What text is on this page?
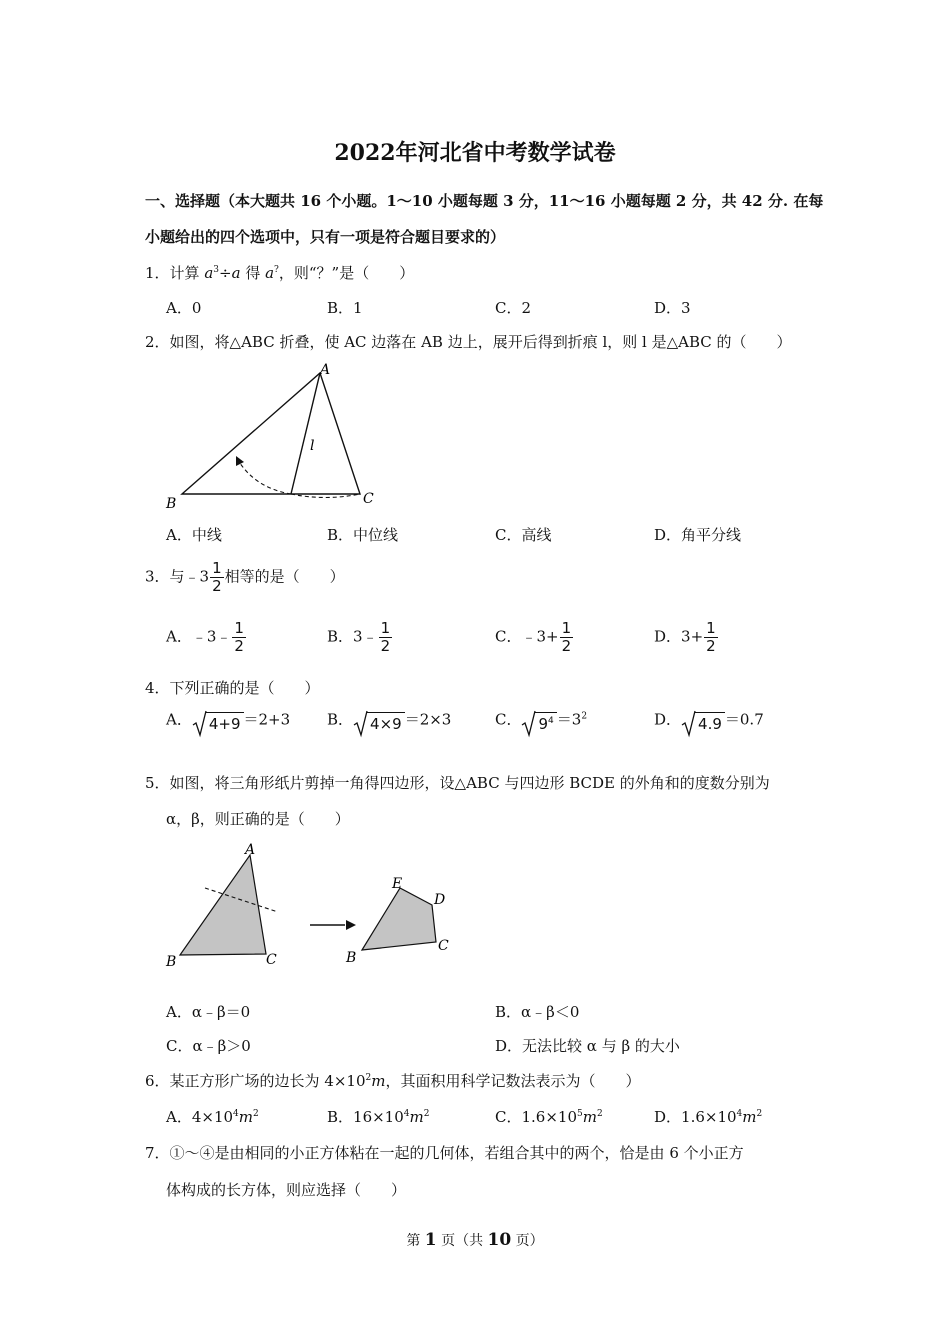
2022年河北省中考数学试卷
一、选择题（本大题共 16 个小题。1～10 小题每题 3 分，11～16 小题每题 2 分，共 42 分. 在每
小题给出的四个选项中，只有一项是符合题目要求的）
1．计算 $a^3\div a$ 得 a?，则“？”是（　　）
A．0	B．1	C．2	D．3
2．如图，将△ABC 折叠，使 AC 边落在 AB 边上，展开后得到折痕 l，则 l 是△ABC 的（　　）
A
B	C
l
A．中线	B．中位线	C．高线	D．角平分线
3．与﹣3 $\frac{1}{2}$ 相等的是（　　）
A．﹣3﹣ $\frac{1}{2}$	B．3﹣ $\frac{1}{2}$	C．﹣3+ $\frac{1}{2}$	D．$3+ \frac{1}{2}$
4．下列正确的是（　　）
A． 4+9 ＝2+3 B． 4×9 ＝2×3	C． $9^4 =3^2$	D． 4.9 ＝0.7
5．如图，将三角形纸片剪掉一角得四边形，设△ABC 与四边形 BCDE 的外角和的度数分别为
α，β，则正确的是（　　）
A
B	C
E
D
B
C
A．α﹣β＝0	B．α﹣β＜0
C．α﹣β＞0	D．无法比较 α 与 β 的大小
6．某正方形广场的边长为 $4\times 10^2m$，其面积用科学记数法表示为（　　）
A．$4\times 10^4m^2$	B．$16\times 10^4m^2$	C．$1.6\times 10^5m^2$	D．$1.6\times 10^4m^2$
7．①～④是由相同的小正方体粘在一起的几何体，若组合其中的两个，恰是由 6 个小正方
体构成的长方体，则应选择（　　）
第 1 页（共 10 页）
